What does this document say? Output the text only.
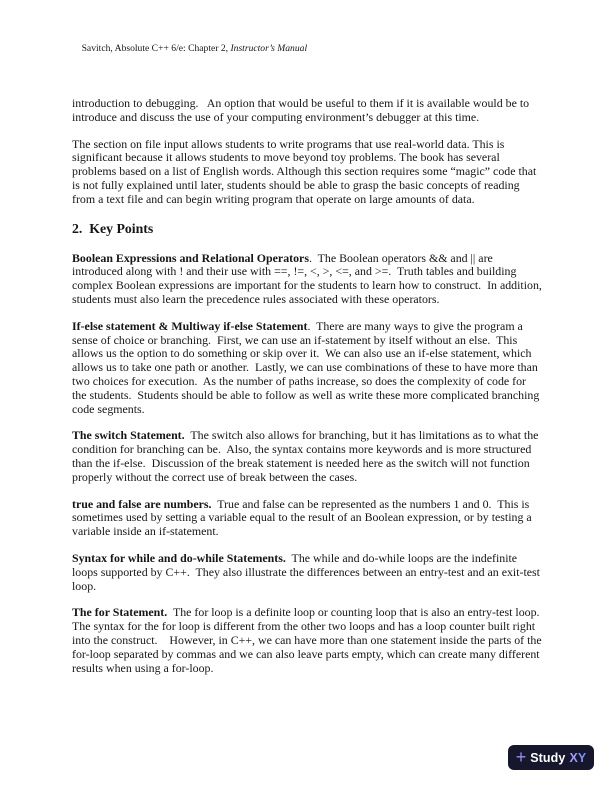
Savitch, Absolute C++ 6/e: Chapter 2, Instructor’s Manual

introduction to debugging.   An option that would be useful to them if it is available would be to introduce and discuss the use of your computing environment’s debugger at this time.

The section on file input allows students to write programs that use real-world data. This is significant because it allows students to move beyond toy problems. The book has several problems based on a list of English words. Although this section requires some “magic” code that is not fully explained until later, students should be able to grasp the basic concepts of reading from a text file and can begin writing program that operate on large amounts of data.

2.  Key Points

Boolean Expressions and Relational Operators.  The Boolean operators && and || are introduced along with ! and their use with ==, !=, <, >, <=, and >=.  Truth tables and building complex Boolean expressions are important for the students to learn how to construct.  In addition, students must also learn the precedence rules associated with these operators.

If-else statement & Multiway if-else Statement.  There are many ways to give the program a sense of choice or branching.  First, we can use an if-statement by itself without an else.  This allows us the option to do something or skip over it.  We can also use an if-else statement, which allows us to take one path or another.  Lastly, we can use combinations of these to have more than two choices for execution.  As the number of paths increase, so does the complexity of code for the students.  Students should be able to follow as well as write these more complicated branching code segments.

The switch Statement.  The switch also allows for branching, but it has limitations as to what the condition for branching can be.  Also, the syntax contains more keywords and is more structured than the if-else.  Discussion of the break statement is needed here as the switch will not function properly without the correct use of break between the cases.

true and false are numbers.  True and false can be represented as the numbers 1 and 0.  This is sometimes used by setting a variable equal to the result of an Boolean expression, or by testing a variable inside an if-statement.

Syntax for while and do-while Statements.  The while and do-while loops are the indefinite loops supported by C++.  They also illustrate the differences between an entry-test and an exit-test loop.

The for Statement.  The for loop is a definite loop or counting loop that is also an entry-test loop.  The syntax for the for loop is different from the other two loops and has a loop counter built right into the construct.    However, in C++, we can have more than one statement inside the parts of the for-loop separated by commas and we can also leave parts empty, which can create many different results when using a for-loop.

+ Study XY
